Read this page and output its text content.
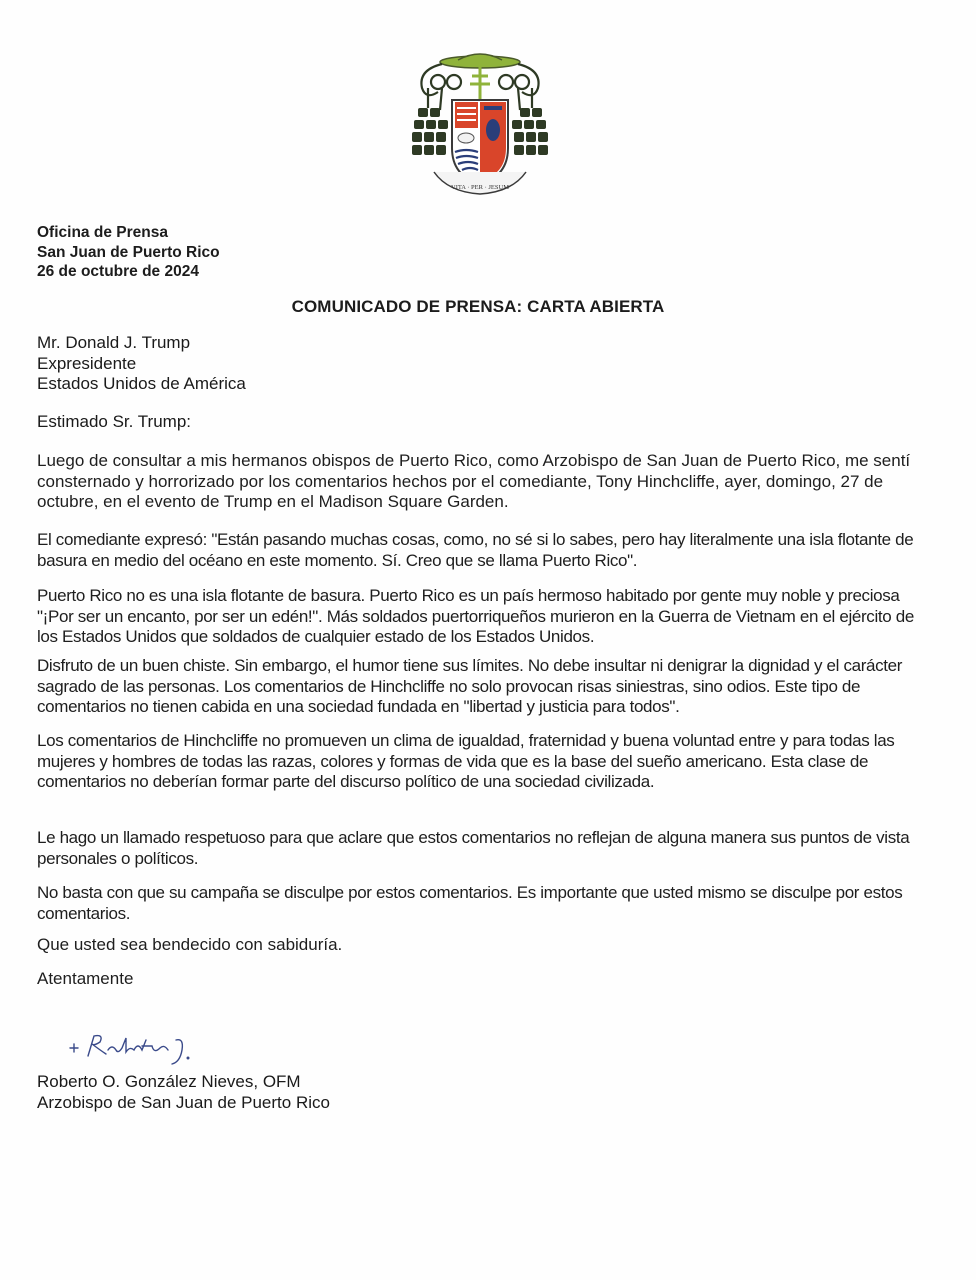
VITA · PER · JESUM
Oficina de Prensa
San Juan de Puerto Rico
26 de octubre de 2024
COMUNICADO DE PRENSA: CARTA ABIERTA
Mr. Donald J. Trump
Expresidente
Estados Unidos de América
Estimado Sr. Trump:
Luego de consultar a mis hermanos obispos de Puerto Rico, como Arzobispo de San Juan de Puerto Rico, me sentí consternado y horrorizado por los comentarios hechos por el comediante, Tony Hinchcliffe, ayer, domingo, 27 de octubre, en el evento de Trump en el Madison Square Garden.
El comediante expresó: "Están pasando muchas cosas, como, no sé si lo sabes, pero hay literalmente una isla flotante de basura en medio del océano en este momento. Sí. Creo que se llama Puerto Rico".
Puerto Rico no es una isla flotante de basura. Puerto Rico es un país hermoso habitado por gente muy noble y preciosa "¡Por ser un encanto, por ser un edén!". Más soldados puertorriqueños murieron en la Guerra de Vietnam en el ejército de los Estados Unidos que soldados de cualquier estado de los Estados Unidos.
Disfruto de un buen chiste. Sin embargo, el humor tiene sus límites. No debe insultar ni denigrar la dignidad y el carácter sagrado de las personas. Los comentarios de Hinchcliffe no solo provocan risas siniestras, sino odios. Este tipo de comentarios no tienen cabida en una sociedad fundada en "libertad y justicia para todos".
Los comentarios de Hinchcliffe no promueven un clima de igualdad, fraternidad y buena voluntad entre y para todas las mujeres y hombres de todas las razas, colores y formas de vida que es la base del sueño americano. Esta clase de comentarios no deberían formar parte del discurso político de una sociedad civilizada.
Le hago un llamado respetuoso para que aclare que estos comentarios no reflejan de alguna manera sus puntos de vista personales o políticos.
No basta con que su campaña se disculpe por estos comentarios. Es importante que usted mismo se disculpe por estos comentarios.
Que usted sea bendecido con sabiduría.
Atentamente
Roberto O. González Nieves, OFM
Arzobispo de San Juan de Puerto Rico
